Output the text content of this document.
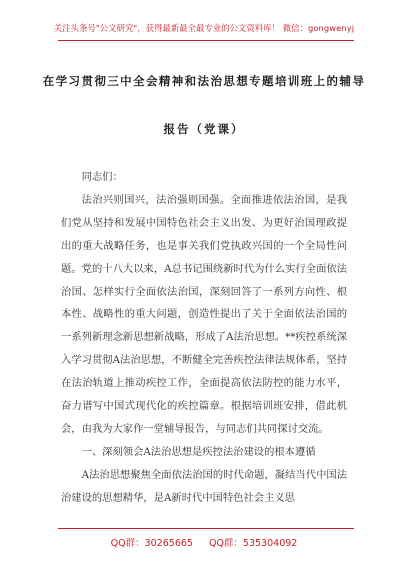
关注头条号"公文研究"，获得最新最全最专业的公文资料库！ 微信：gongwenyj
在学习贯彻三中全会精神和法治思想专题培训班上的辅导
报告（党课）

同志们：

法治兴则国兴，法治强则国强。全面推进依法治国，是我们党从坚持和发展中国特色社会主义出发、为更好治国理政提出的重大战略任务，也是事关我们党执政兴国的一个全局性问题。党的十八大以来，A总书记围绕新时代为什么实行全面依法治国、怎样实行全面依法治国，深刻回答了一系列方向性、根本性、战略性的重大问题，创造性提出了关于全面依法治国的一系列新理念新思想新战略，形成了A法治思想。**疾控系统深入学习贯彻A法治思想，不断健全完善疾控法律法规体系，坚持在法治轨道上推动疾控工作，全面提高依法防控的能力水平，奋力谱写中国式现代化的疾控篇章。根据培训班安排，借此机会，由我为大家作一堂辅导报告，与同志们共同探讨交流。

一、深刻领会A法治思想是疾控法治建设的根本遵循

A法治思想聚焦全面依法治国的时代命题，凝结当代中国法治建设的思想精华，是A新时代中国特色社会主义思

QQ群：30265665 QQ群：535304092
